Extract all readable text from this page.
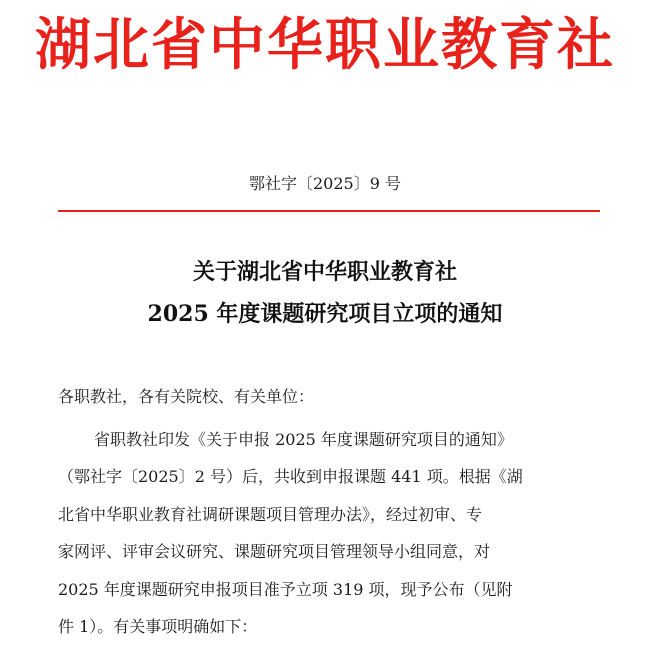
湖北省中华职业教育社
鄂社字〔2025〕9 号
关于湖北省中华职业教育社
2025 年度课题研究项目立项的通知
各职教社，各有关院校、有关单位：
省职教社印发《关于申报 2025 年度课题研究项目的通知》
（鄂社字〔2025〕2 号）后，共收到申报课题 441 项。根据《湖
北省中华职业教育社调研课题项目管理办法》，经过初审、专
家网评、评审会议研究、课题研究项目管理领导小组同意，对
2025 年度课题研究申报项目准予立项 319 项，现予公布（见附
件 1）。有关事项明确如下：
